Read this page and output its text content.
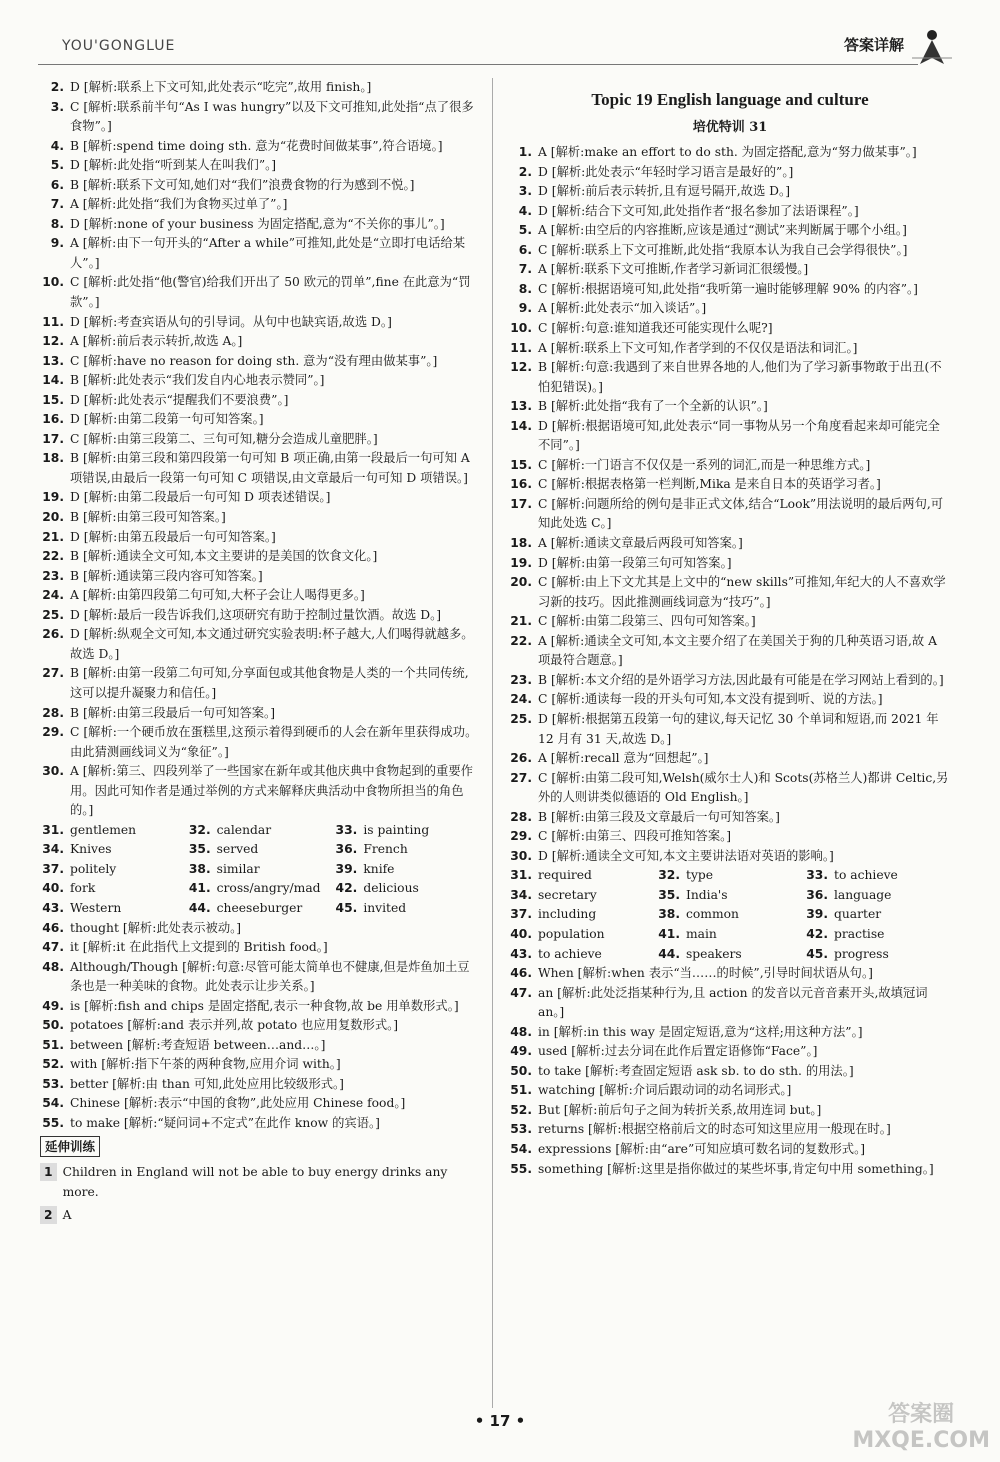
YOU'GONGLUE	答案详解
2. D [解析:联系上下文可知,此处表示“吃完”,故用 finish。]
3. C [解析:联系前半句“As I was hungry”以及下文可推知,此处指“点了很多食物”。]
4. B [解析:spend time doing sth. 意为“花费时间做某事”,符合语境。]
5. D [解析:此处指“听到某人在叫我们”。]
6. B [解析:联系下文可知,她们对“我们”浪费食物的行为感到不悦。]
7. A [解析:此处指“我们为食物买过单了”。]
8. D [解析:none of your business 为固定搭配,意为“不关你的事儿”。]
9. A [解析:由下一句开头的“After a while”可推知,此处是“立即打电话给某人”。]
10. C [解析:此处指“他(警官)给我们开出了 50 欧元的罚单”,fine 在此意为“罚款”。]
11. D [解析:考查宾语从句的引导词。从句中也缺宾语,故选 D。]
12. A [解析:前后表示转折,故选 A。]
13. C [解析:have no reason for doing sth. 意为“没有理由做某事”。]
14. B [解析:此处表示“我们发自内心地表示赞同”。]
15. D [解析:此处表示“提醒我们不要浪费”。]
16. D [解析:由第二段第一句可知答案。]
17. C [解析:由第三段第二、三句可知,糖分会造成儿童肥胖。]
18. B [解析:由第三段和第四段第一句可知 B 项正确,由第一段最后一句可知 A 项错误,由最后一段第一句可知 C 项错误,由文章最后一句可知 D 项错误。]
19. D [解析:由第二段最后一句可知 D 项表述错误。]
20. B [解析:由第三段可知答案。]
21. D [解析:由第五段最后一句可知答案。]
22. B [解析:通读全文可知,本文主要讲的是美国的饮食文化。]
23. B [解析:通读第三段内容可知答案。]
24. A [解析:由第四段第二句可知,大杯子会让人喝得更多。]
25. D [解析:最后一段告诉我们,这项研究有助于控制过量饮酒。故选 D。]
26. D [解析:纵观全文可知,本文通过研究实验表明:杯子越大,人们喝得就越多。故选 D。]
27. B [解析:由第一段第二句可知,分享面包或其他食物是人类的一个共同传统,这可以提升凝聚力和信任。]
28. B [解析:由第三段最后一句可知答案。]
29. C [解析:一个硬币放在蛋糕里,这预示着得到硬币的人会在新年里获得成功。由此猜测画线词义为“象征”。]
30. A [解析:第三、四段列举了一些国家在新年或其他庆典中食物起到的重要作用。因此可知作者是通过举例的方式来解释庆典活动中食物所担当的角色的。]
31. gentlemen	32. calendar	33. is painting
34. Knives	35. served	36. French
37. politely	38. similar	39. knife
40. fork	41. cross/angry/mad 42. delicious
43. Western	44. cheeseburger	45. invited
46. thought [解析:此处表示被动。]
47. it [解析:it 在此指代上文提到的 British food。]
48. Although/Though [解析:句意:尽管可能太简单也不健康,但是炸鱼加土豆条也是一种美味的食物。此处表示让步关系。]
49. is [解析:fish and chips 是固定搭配,表示一种食物,故 be 用单数形式。]
50. potatoes [解析:and 表示并列,故 potato 也应用复数形式。]
51. between [解析:考查短语 between…and…。]
52. with [解析:指下午茶的两种食物,应用介词 with。]
53. better [解析:由 than 可知,此处应用比较级形式。]
54. Chinese [解析:表示“中国的食物”,此处应用 Chinese food。]
55. to make [解析:“疑问词+不定式”在此作 know 的宾语。]
延伸训练
1 Children in England will not be able to buy energy drinks any more.
2 A
Topic 19 English language and culture
培优特训 31
1. A [解析:make an effort to do sth. 为固定搭配,意为“努力做某事”。]
2. D [解析:此处表示“年轻时学习语言是最好的”。]
3. D [解析:前后表示转折,且有逗号隔开,故选 D。]
4. D [解析:结合下文可知,此处指作者“报名参加了法语课程”。]
5. A [解析:由空后的内容推断,应该是通过“测试”来判断属于哪个小组。]
6. C [解析:联系上下文可推断,此处指“我原本认为我自己会学得很快”。]
7. A [解析:联系下文可推断,作者学习新词汇很缓慢。]
8. C [解析:根据语境可知,此处指“我听第一遍时能够理解 90% 的内容”。]
9. A [解析:此处表示“加入谈话”。]
10. C [解析:句意:谁知道我还可能实现什么呢?]
11. A [解析:联系上下文可知,作者学到的不仅仅是语法和词汇。]
12. B [解析:句意:我遇到了来自世界各地的人,他们为了学习新事物敢于出丑(不怕犯错误)。]
13. B [解析:此处指“我有了一个全新的认识”。]
14. D [解析:根据语境可知,此处表示“同一事物从另一个角度看起来却可能完全不同”。]
15. C [解析:一门语言不仅仅是一系列的词汇,而是一种思维方式。]
16. C [解析:根据表格第一栏判断,Mika 是来自日本的英语学习者。]
17. C [解析:问题所给的例句是非正式文体,结合“Look”用法说明的最后两句,可知此处选 C。]
18. A [解析:通读文章最后两段可知答案。]
19. D [解析:由第一段第三句可知答案。]
20. C [解析:由上下文尤其是上文中的“new skills”可推知,年纪大的人不喜欢学习新的技巧。因此推测画线词意为“技巧”。]
21. C [解析:由第二段第三、四句可知答案。]
22. A [解析:通读全文可知,本文主要介绍了在美国关于狗的几种英语习语,故 A 项最符合题意。]
23. B [解析:本文介绍的是外语学习方法,因此最有可能是在学习网站上看到的。]
24. C [解析:通读每一段的开头句可知,本文没有提到听、说的方法。]
25. D [解析:根据第五段第一句的建议,每天记忆 30 个单词和短语,而 2021 年 12 月有 31 天,故选 D。]
26. A [解析:recall 意为“回想起”。]
27. C [解析:由第二段可知,Welsh(威尔士人)和 Scots(苏格兰人)都讲 Celtic,另外的人则讲类似德语的 Old English。]
28. B [解析:由第三段及文章最后一句可知答案。]
29. C [解析:由第三、四段可推知答案。]
30. D [解析:通读全文可知,本文主要讲法语对英语的影响。]
31. required	32. type	33. to achieve
34. secretary	35. India's	36. language
37. including	38. common	39. quarter
40. population	41. main	42. practise
43. to achieve	44. speakers	45. progress
46. When [解析:when 表示“当……的时候”,引导时间状语从句。]
47. an [解析:此处泛指某种行为,且 action 的发音以元音音素开头,故填冠词 an。]
48. in [解析:in this way 是固定短语,意为“这样;用这种方法”。]
49. used [解析:过去分词在此作后置定语修饰“Face”。]
50. to take [解析:考查固定短语 ask sb. to do sth. 的用法。]
51. watching [解析:介词后跟动词的动名词形式。]
52. But [解析:前后句子之间为转折关系,故用连词 but。]
53. returns [解析:根据空格前后文的时态可知这里应用一般现在时。]
54. expressions [解析:由“are”可知应填可数名词的复数形式。]
55. something [解析:这里是指你做过的某些坏事,肯定句中用 something。]
• 17 •	答案圈
MXQE.COM
